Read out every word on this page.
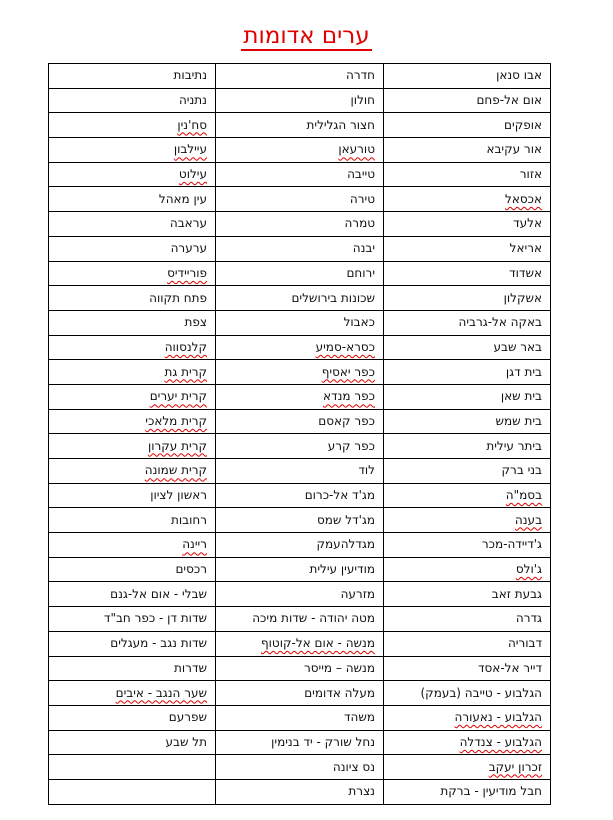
ערים אדומות
אבו סנאן	חדרה	נתיבות
אום אל-פחם	חולון	נתניה
אופקים	חצור הגלילית	סח'נין
אור עקיבא	טורעאן	עיילבון
אזור	טייבה	עילוט
אכסאל	טירה	עין מאהל
אלעד	טמרה	עראבה
אריאל	יבנה	ערערה
אשדוד	ירוחם	פוריידיס
אשקלון	שכונות בירושלים	פתח תקווה
באקה אל-גרביה	כאבול	צפת
באר שבע	כסרא-סמיע	קלנסווה
בית דגן	כפר יאסיף	קרית גת
בית שאן	כפר מנדא	קרית יערים
בית שמש	כפר קאסם	קרית מלאכי
ביתר עילית	כפר קרע	קרית עקרון
בני ברק	לוד	קרית שמונה
בסמ"ה	מג'ד אל-כרום	ראשון לציון
בענה	מג'דל שמס	רחובות
ג'דיידה-מכר	מגדלהעמק	ריינה
ג'ולס	מודיעין עילית	רכסים
גבעת זאב	מזרעה	שבלי - אום אל-גנם
גדרה	מטה יהודה - שדות מיכה	שדות דן - כפר חב"ד
דבוריה	מנשה - אום אל-קוטוף	שדות נגב - מעגלים
דייר אל-אסד	מנשה – מייסר	שדרות
הגלבוע - טייבה (בעמק)	מעלה אדומים	שער הנגב - איבים
הגלבוע - נאעורה	משהד	שפרעם
הגלבוע - צנדלה	נחל שורק - יד בנימין	תל שבע
זכרון יעקב	נס ציונה	
חבל מודיעין - ברקת	נצרת	
